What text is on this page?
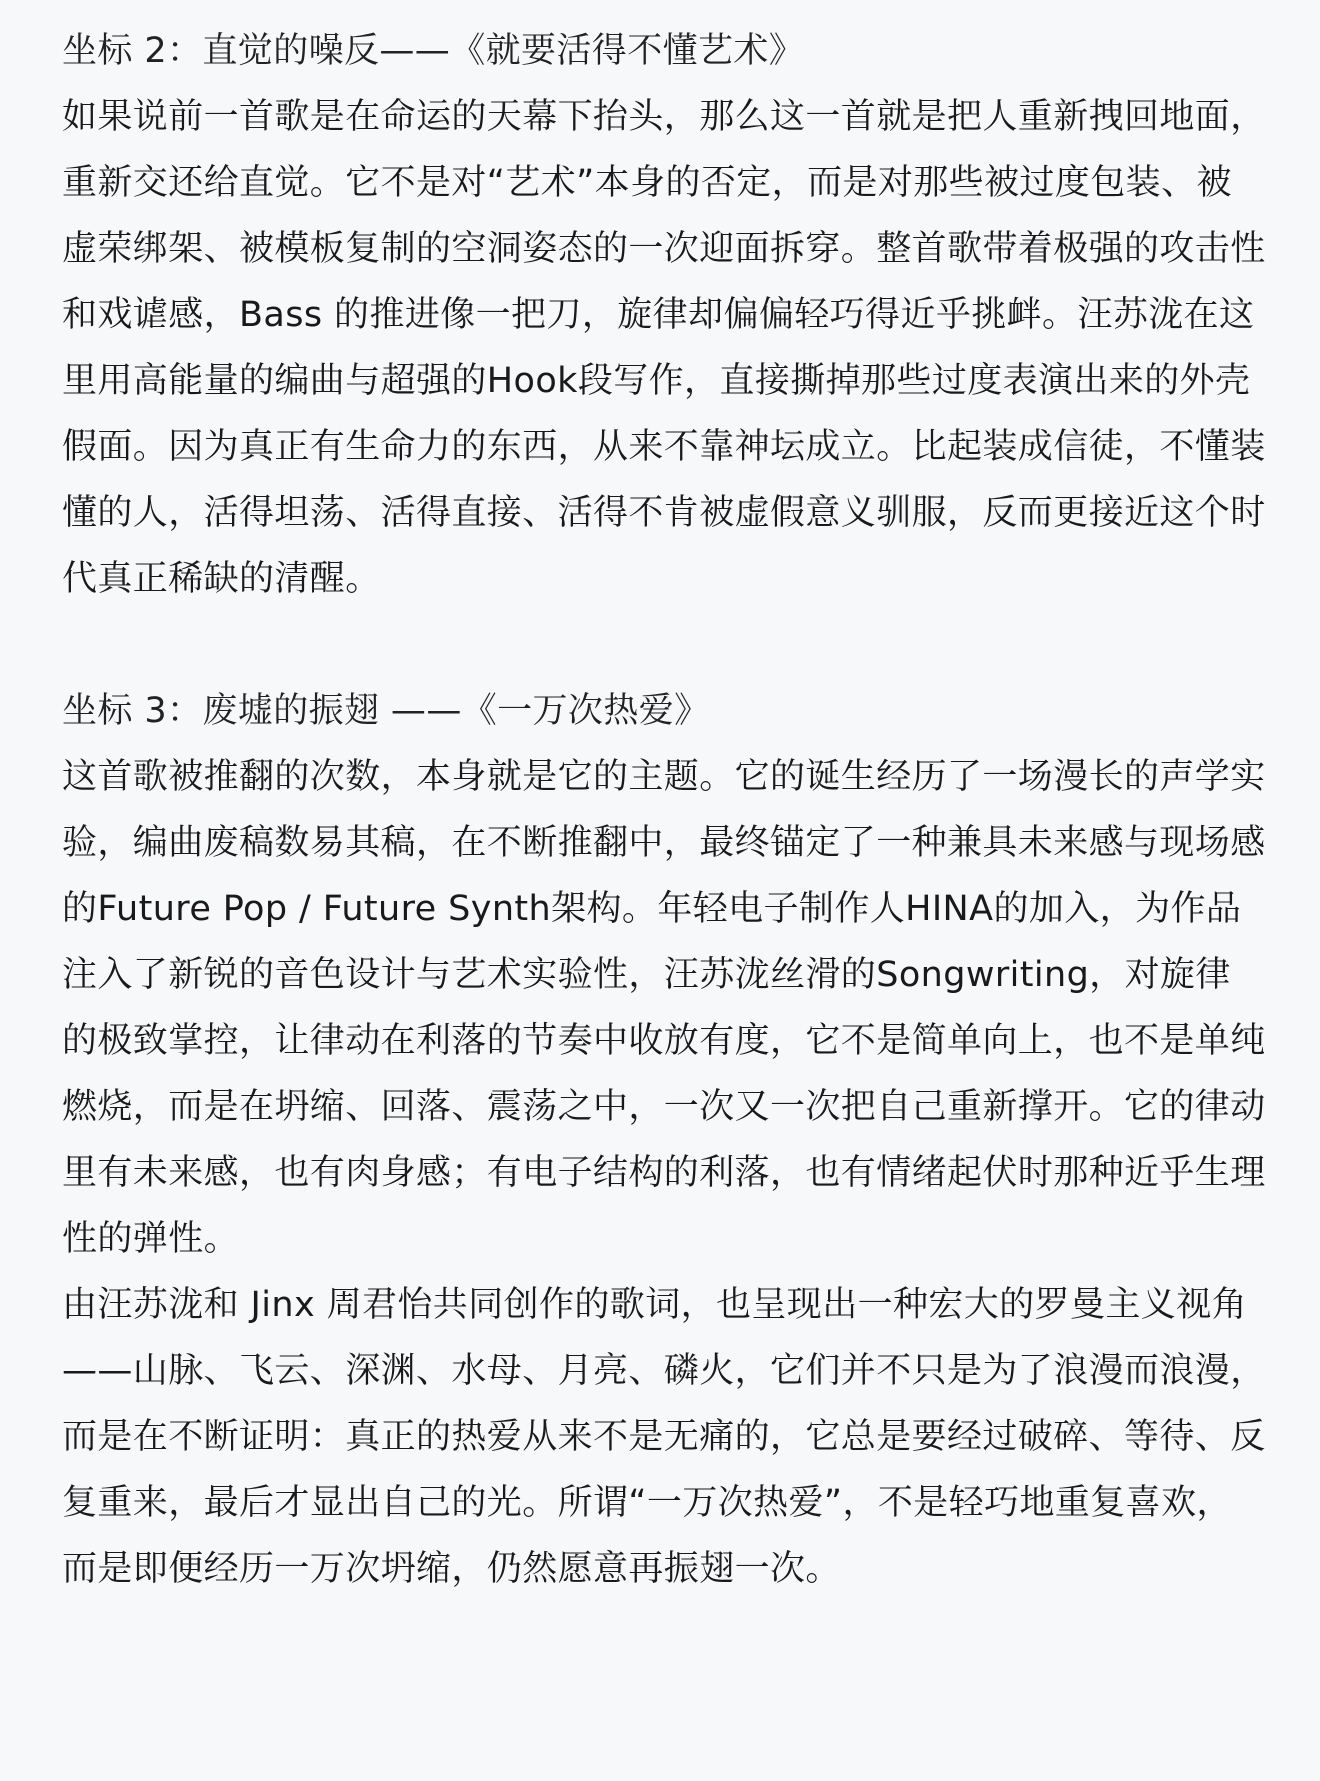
坐标 2：直觉的噪反——《就要活得不懂艺术》

如果说前一首歌是在命运的天幕下抬头，那么这一首就是把人重新拽回地面，重新交还给直觉。它不是对“艺术”本身的否定，而是对那些被过度包装、被虚荣绑架、被模板复制的空洞姿态的一次迎面拆穿。整首歌带着极强的攻击性和戏谑感，Bass 的推进像一把刀，旋律却偏偏轻巧得近乎挑衅。汪苏泷在这里用高能量的编曲与超强的Hook段写作，直接撕掉那些过度表演出来的外壳假面。因为真正有生命力的东西，从来不靠神坛成立。比起装成信徒，不懂装懂的人，活得坦荡、活得直接、活得不肯被虚假意义驯服，反而更接近这个时代真正稀缺的清醒。

坐标 3：废墟的振翅 ——《一万次热爱》

这首歌被推翻的次数，本身就是它的主题。它的诞生经历了一场漫长的声学实验，编曲废稿数易其稿，在不断推翻中，最终锚定了一种兼具未来感与现场感的Future Pop / Future Synth架构。年轻电子制作人HINA的加入，为作品注入了新锐的音色设计与艺术实验性，汪苏泷丝滑的Songwriting，对旋律的极致掌控，让律动在利落的节奏中收放有度，它不是简单向上，也不是单纯燃烧，而是在坍缩、回落、震荡之中，一次又一次把自己重新撑开。它的律动里有未来感，也有肉身感；有电子结构的利落，也有情绪起伏时那种近乎生理性的弹性。

由汪苏泷和 Jinx 周君怡共同创作的歌词，也呈现出一种宏大的罗曼主义视角——山脉、飞云、深渊、水母、月亮、磷火，它们并不只是为了浪漫而浪漫，而是在不断证明：真正的热爱从来不是无痛的，它总是要经过破碎、等待、反复重来，最后才显出自己的光。所谓“一万次热爱”，不是轻巧地重复喜欢，而是即便经历一万次坍缩，仍然愿意再振翅一次。
